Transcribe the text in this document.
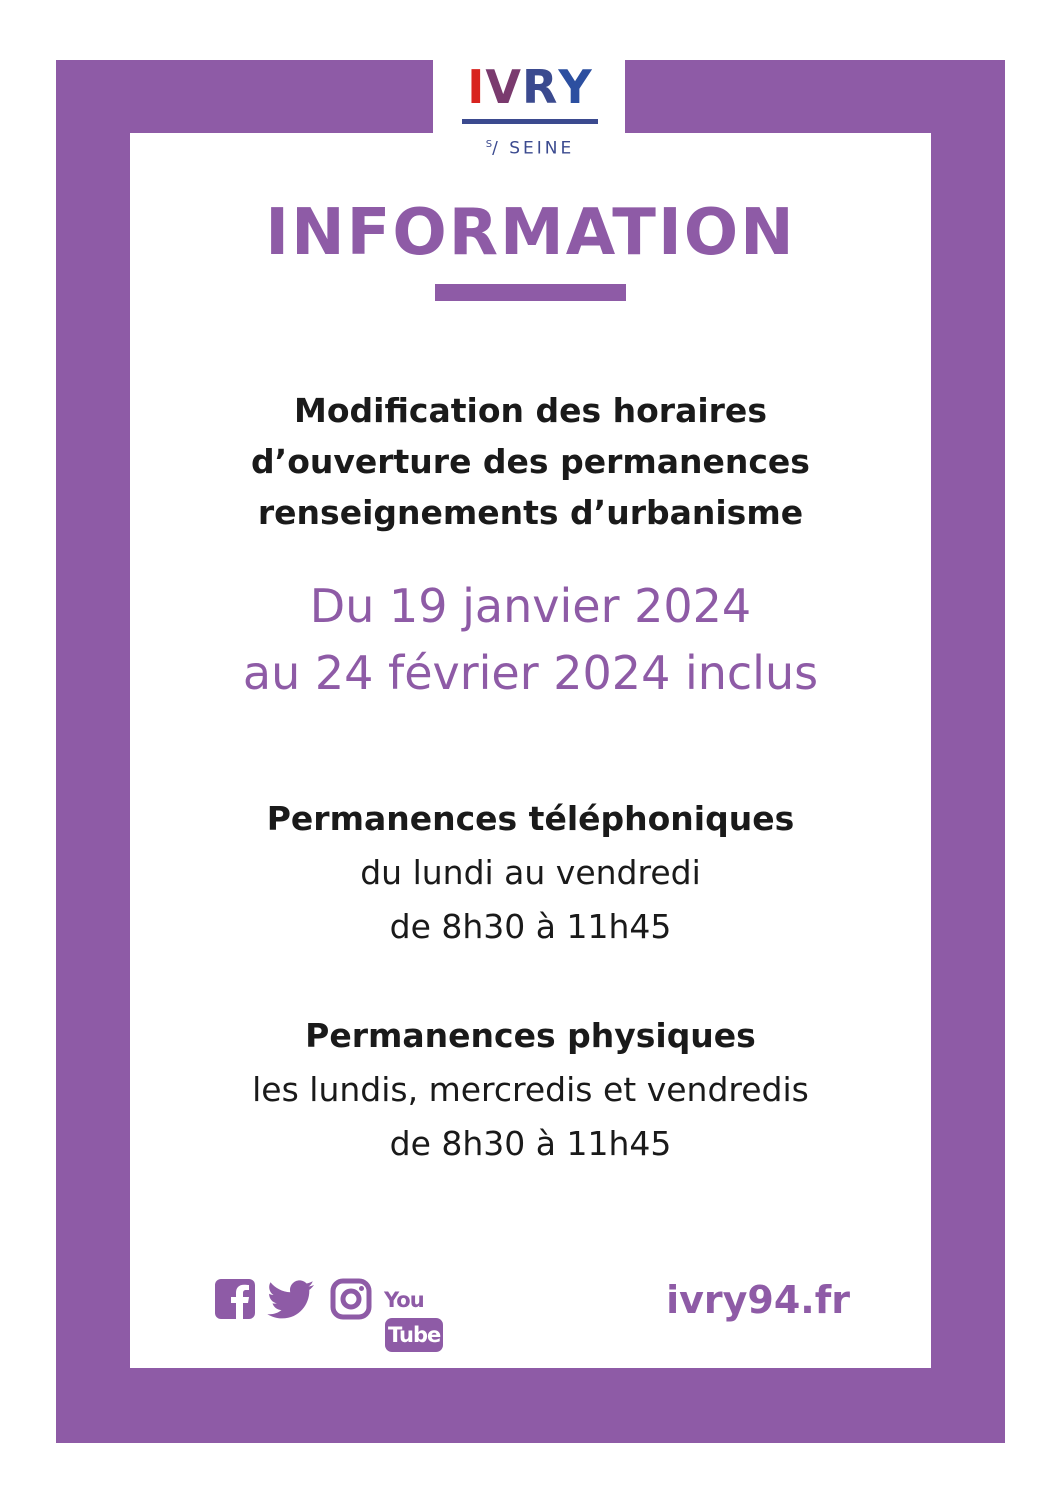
IVRY
$^S$/ SEINE
INFORMATION
Modification des horaires
d’ouverture des permanences
renseignements d’urbanisme
Du 19 janvier 2024
au 24 février 2024 inclus
Permanences téléphoniques
du lundi au vendredi
de 8h30 à 11h45
Permanences physiques
les lundis, mercredis et vendredis
de 8h30 à 11h45
YouTube
ivry94.fr
